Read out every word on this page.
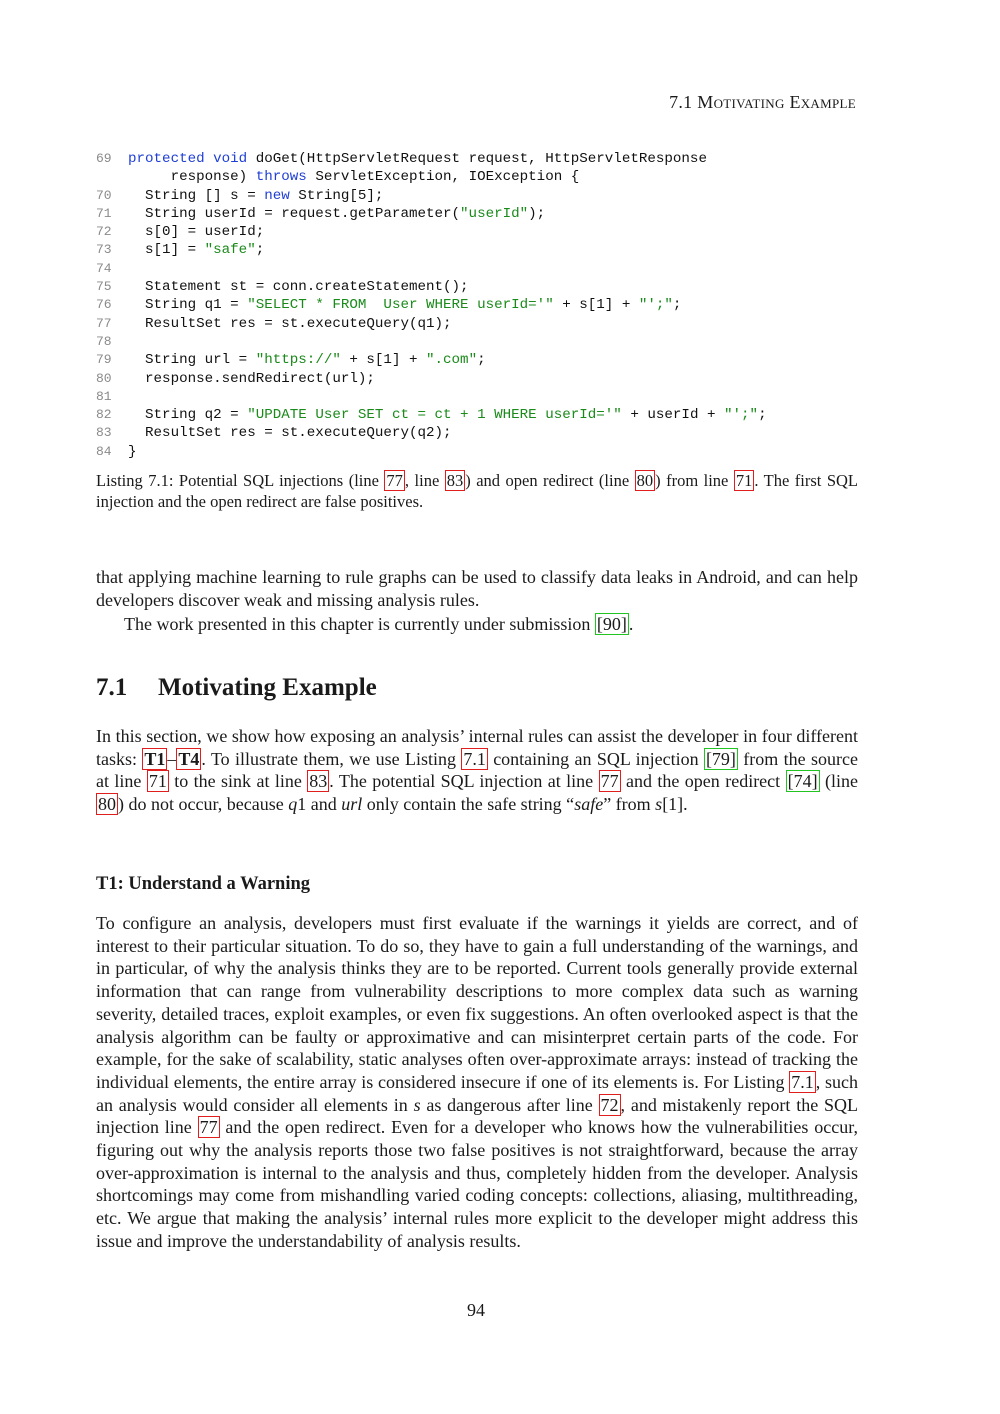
7.1 Motivating Example
69	protected void doGet(HttpServletRequest request, HttpServletResponse
response) throws ServletException, IOException {
70	String [] s = new String[5];
71	String userId = request.getParameter("userId");
72	s[0] = userId;
73	s[1] = "safe";
74
75	Statement st = conn.createStatement();
76	String q1 = "SELECT * FROM  User WHERE userId='" + s[1] + "';";
77	ResultSet res = st.executeQuery(q1);
78
79	String url = "https://" + s[1] + ".com";
80	response.sendRedirect(url);
81
82	String q2 = "UPDATE User SET ct = ct + 1 WHERE userId='" + userId + "';";
83	ResultSet res = st.executeQuery(q2);
84	}
Listing 7.1: Potential SQL injections (line 77 , line 83 ) and open redirect (line 80 ) from line 71 . The first SQL injection and the open redirect are false positives.

that applying machine learning to rule graphs can be used to classify data leaks in Android, and can help developers discover weak and missing analysis rules.

The work presented in this chapter is currently under submission [90] .

7.1 Motivating Example

In this section, we show how exposing an analysis’ internal rules can assist the developer in four different tasks: T1 – T4 . To illustrate them, we use Listing 7.1 containing an SQL injection [79] from the source at line 71 to the sink at line 83 . The potential SQL injection at line 77 and the open redirect [74] (line 80 ) do not occur, because q1 and url only contain the safe string “safe” from s[1].

T1: Understand a Warning

To configure an analysis, developers must first evaluate if the warnings it yields are correct, and of interest to their particular situation. To do so, they have to gain a full understanding of the warnings, and in particular, of why the analysis thinks they are to be reported. Current tools generally provide external information that can range from vulnerability descriptions to more complex data such as warning severity, detailed traces, exploit examples, or even fix suggestions. An often overlooked aspect is that the analysis algorithm can be faulty or approximative and can misinterpret certain parts of the code. For example, for the sake of scalability, static analyses often over-approximate arrays: instead of tracking the individual elements, the entire array is considered insecure if one of its elements is. For Listing 7.1 , such an analysis would consider all elements in s as dangerous after line 72 , and mistakenly report the SQL injection line 77 and the open redirect. Even for a developer who knows how the vulnerabilities occur, figuring out why the analysis reports those two false positives is not straightforward, because the array over-approximation is internal to the analysis and thus, completely hidden from the developer. Analysis shortcomings may come from mishandling varied coding concepts: collections, aliasing, multithreading, etc. We argue that making the analysis’ internal rules more explicit to the developer might address this issue and improve the understandability of analysis results.

94
